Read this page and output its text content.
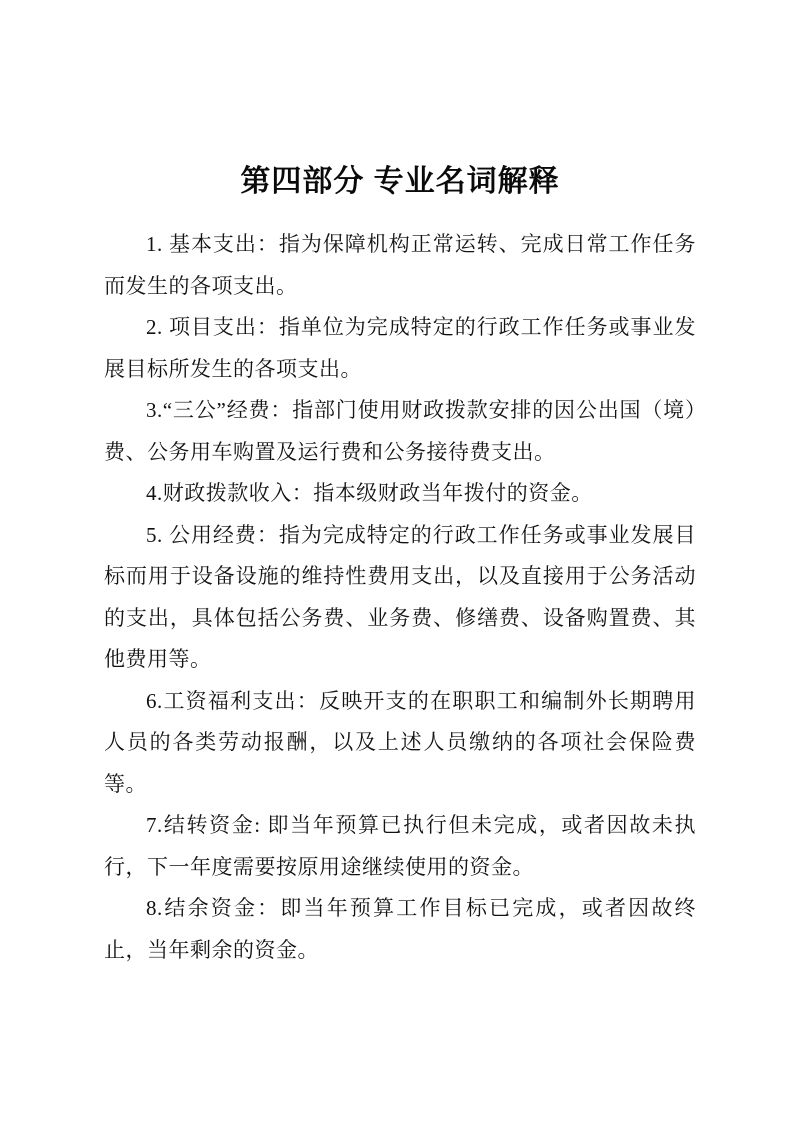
第四部分 专业名词解释

1. 基本支出：指为保障机构正常运转、完成日常工作任务而发生的各项支出。

2. 项目支出：指单位为完成特定的行政工作任务或事业发展目标所发生的各项支出。

3.“三公”经费：指部门使用财政拨款安排的因公出国（境）费、公务用车购置及运行费和公务接待费支出。

4.财政拨款收入：指本级财政当年拨付的资金。

5. 公用经费：指为完成特定的行政工作任务或事业发展目标而用于设备设施的维持性费用支出，以及直接用于公务活动的支出，具体包括公务费、业务费、修缮费、设备购置费、其他费用等。

6.工资福利支出：反映开支的在职职工和编制外长期聘用人员的各类劳动报酬，以及上述人员缴纳的各项社会保险费等。

7.结转资金: 即当年预算已执行但未完成，或者因故未执行，下一年度需要按原用途继续使用的资金。

8.结余资金：即当年预算工作目标已完成，或者因故终止，当年剩余的资金。
